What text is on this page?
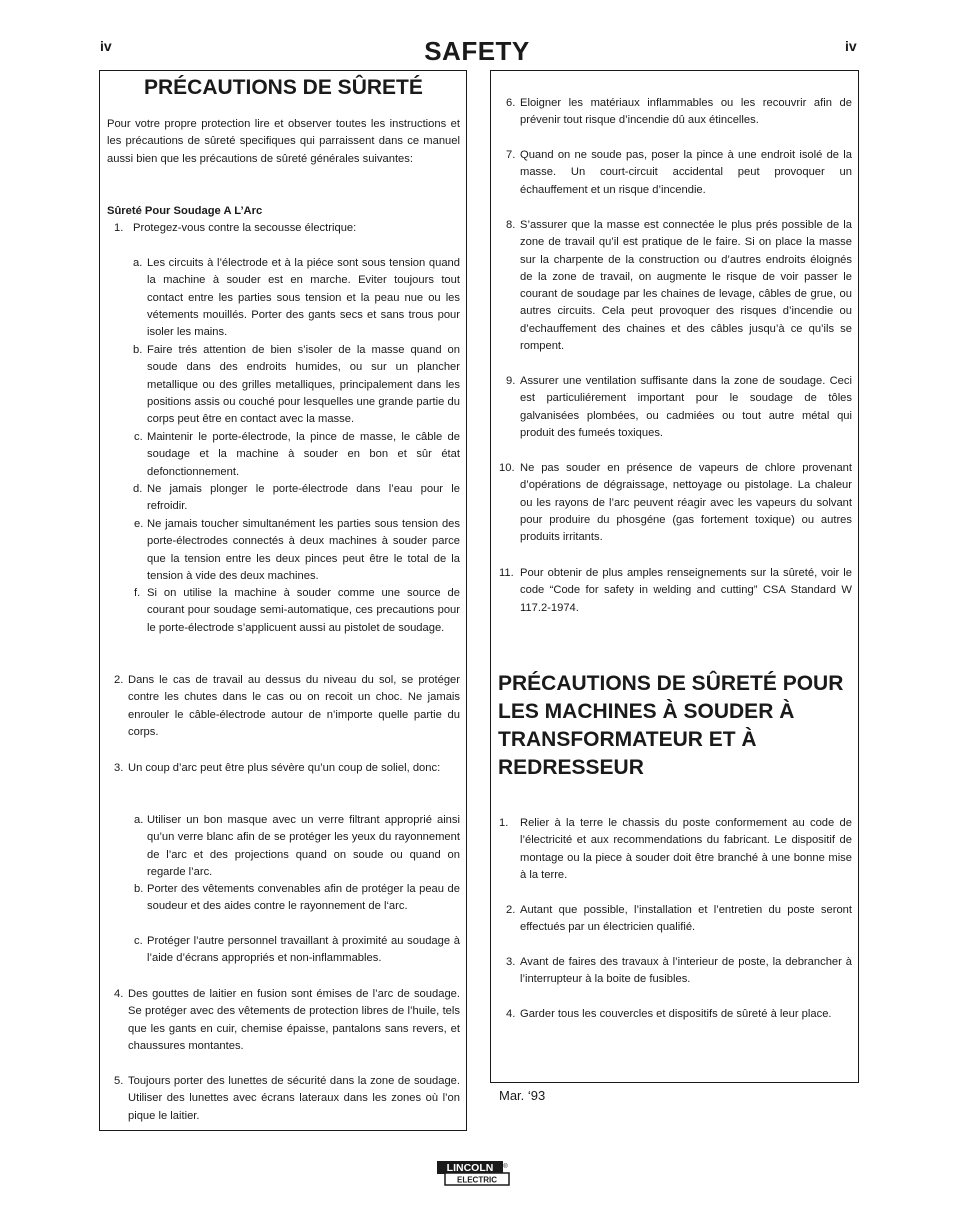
iv	SAFETY	iv
PRÉCAUTIONS DE SÛRETÉ
Pour votre propre protection lire et observer toutes les instructions et les précautions de sûreté specifiques qui parraissent dans ce manuel aussi bien que les précautions de sûreté générales suivantes:
Sûreté Pour Soudage A L’Arc
1. Protegez-vous contre la secousse électrique:
a. Les circuits à l’électrode et à la piéce sont sous tension quand la machine à souder est en marche. Eviter toujours tout contact entre les parties sous tension et la peau nue ou les vétements mouillés. Porter des gants secs et sans trous pour isoler les mains.
b. Faire trés attention de bien s’isoler de la masse quand on soude dans des endroits humides, ou sur un plancher metallique ou des grilles metalliques, principalement dans les positions assis ou couché pour lesquelles une grande partie du corps peut être en contact avec la masse.
c. Maintenir le porte-électrode, la pince de masse, le câble de soudage et la machine à souder en bon et sûr état defonctionnement.
d. Ne jamais plonger le porte-électrode dans l’eau pour le refroidir.
e. Ne jamais toucher simultanément les parties sous tension des porte-électrodes connectés à deux machines à souder parce que la tension entre les deux pinces peut être le total de la tension à vide des deux machines.
f. Si on utilise la machine à souder comme une source de courant pour soudage semi-automatique, ces precautions pour le porte-électrode s’applicuent aussi au pistolet de soudage.
2. Dans le cas de travail au dessus du niveau du sol, se protéger contre les chutes dans le cas ou on recoit un choc. Ne jamais enrouler le câble-électrode autour de n’importe quelle partie du corps.
3. Un coup d’arc peut être plus sévère qu’un coup de soliel, donc:
a. Utiliser un bon masque avec un verre filtrant approprié ainsi qu’un verre blanc afin de se protéger les yeux du rayonnement de l’arc et des projections quand on soude ou quand on regarde l’arc.
b. Porter des vêtements convenables afin de protéger la peau de soudeur et des aides contre le rayonnement de l‘arc.
c. Protéger l’autre personnel travaillant à proximité au soudage à l’aide d’écrans appropriés et non-inflammables.
4. Des gouttes de laitier en fusion sont émises de l’arc de soudage. Se protéger avec des vêtements de protection libres de l’huile, tels que les gants en cuir, chemise épaisse, pantalons sans revers, et chaussures montantes.
5. Toujours porter des lunettes de sécurité dans la zone de soudage. Utiliser des lunettes avec écrans lateraux dans les zones où l’on pique le laitier.
6. Eloigner les matériaux inflammables ou les recouvrir afin de prévenir tout risque d’incendie dû aux étincelles.
7. Quand on ne soude pas, poser la pince à une endroit isolé de la masse. Un court-circuit accidental peut provoquer un échauffement et un risque d’incendie.
8. S’assurer que la masse est connectée le plus prés possible de la zone de travail qu’il est pratique de le faire. Si on place la masse sur la charpente de la construction ou d’autres endroits éloignés de la zone de travail, on augmente le risque de voir passer le courant de soudage par les chaines de levage, câbles de grue, ou autres circuits. Cela peut provoquer des risques d’incendie ou d’echauffement des chaines et des câbles jusqu’à ce qu’ils se rompent.
9. Assurer une ventilation suffisante dans la zone de soudage. Ceci est particuliérement important pour le soudage de tôles galvanisées plombées, ou cadmiées ou tout autre métal qui produit des fumeés toxiques.
10. Ne pas souder en présence de vapeurs de chlore provenant d’opérations de dégraissage, nettoyage ou pistolage. La chaleur ou les rayons de l’arc peuvent réagir avec les vapeurs du solvant pour produire du phosgéne (gas fortement toxique) ou autres produits irritants.
11. Pour obtenir de plus amples renseignements sur la sûreté, voir le code “Code for safety in welding and cutting” CSA Standard W 117.2-1974.
PRÉCAUTIONS DE SÛRETÉ POUR LES MACHINES À SOUDER À TRANSFORMATEUR ET À REDRESSEUR
1. Relier à la terre le chassis du poste conformement au code de l’électricité et aux recommendations du fabricant. Le dispositif de montage ou la piece à souder doit être branché à une bonne mise à la terre.
2. Autant que possible, l’installation et l’entretien du poste seront effectués par un électricien qualifié.
3. Avant de faires des travaux à l’interieur de poste, la debrancher à l’interrupteur à la boite de fusibles.
4. Garder tous les couvercles et dispositifs de sûreté à leur place.
Mar. ‘93
LINCOLN ®
ELECTRIC
